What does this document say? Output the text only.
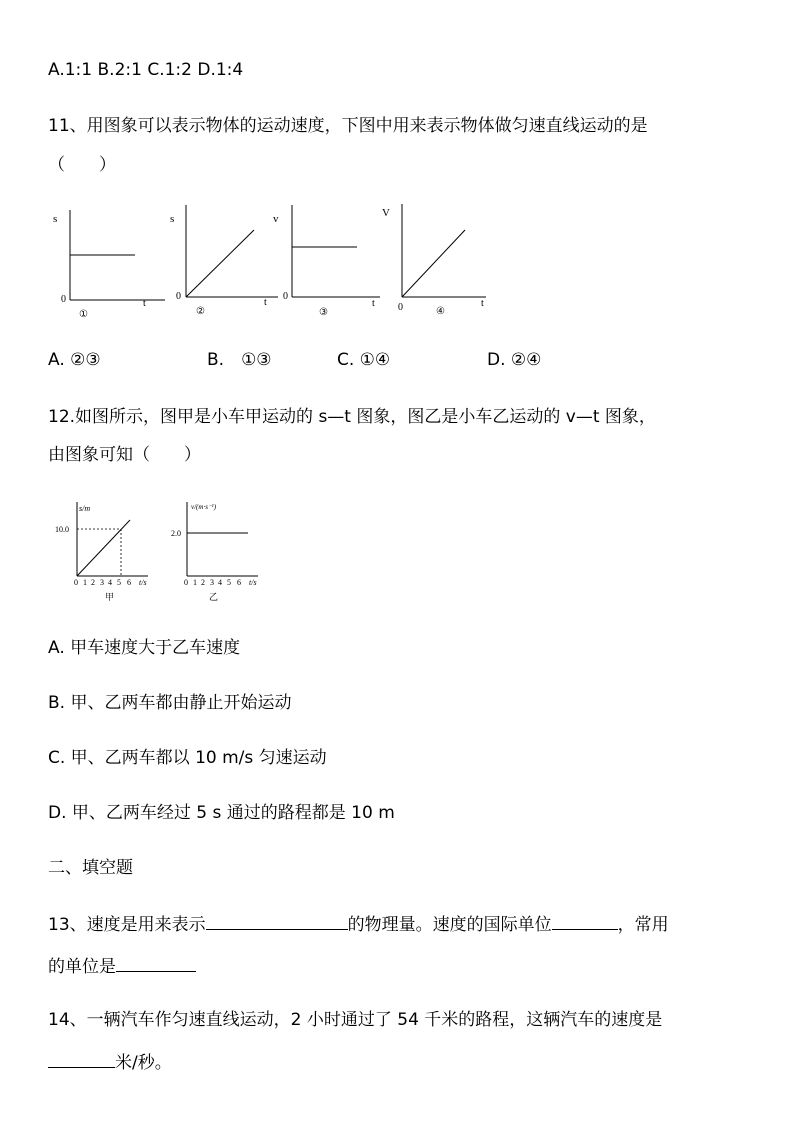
A.1:1 B.2:1 C.1:2 D.1:4
11、用图象可以表示物体的运动速度，下图中用来表示物体做匀速直线运动的是
（　　）
s
0	t
①
s
0
t
②
v
0
t
③
V
0	t
④
A. ②③	B.　①③	C. ①④	D. ②④
12.如图所示，图甲是小车甲运动的 s—t 图象，图乙是小车乙运动的 v—t 图象，
由图象可知（　　）
s/m
10.0
0 1 2 3 4 5 6 t/s
甲
v/(m·s⁻¹)
2.0
0 1 2 3 4 5 6 t/s
乙
A. 甲车速度大于乙车速度
B. 甲、乙两车都由静止开始运动
C. 甲、乙两车都以 10 m/s 匀速运动
D. 甲、乙两车经过 5 s 通过的路程都是 10 m
二、填空题
13、速度是用来表示	的物理量。速度的国际单位	，常用
的单位是
14、一辆汽车作匀速直线运动，2 小时通过了 54 千米的路程，这辆汽车的速度是
米/秒。
